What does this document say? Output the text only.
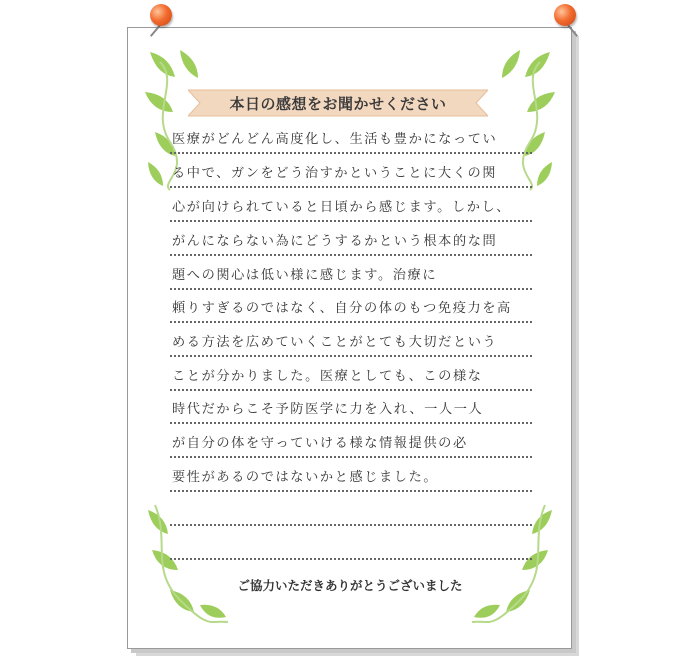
本日の感想をお聞かせください
医療がどんどん高度化し、生活も豊かになってい
る中で、ガンをどう治すかということに大くの関
心が向けられていると日頃から感じます。しかし、
がんにならない為にどうするかという根本的な問
題への関心は低い様に感じます。治療に
頼りすぎるのではなく、自分の体のもつ免疫力を高
める方法を広めていくことがとても大切だという
ことが分かりました。医療としても、この様な
時代だからこそ予防医学に力を入れ、一人一人
が自分の体を守っていける様な情報提供の必
要性があるのではないかと感じました。
ご協力いただきありがとうございました
